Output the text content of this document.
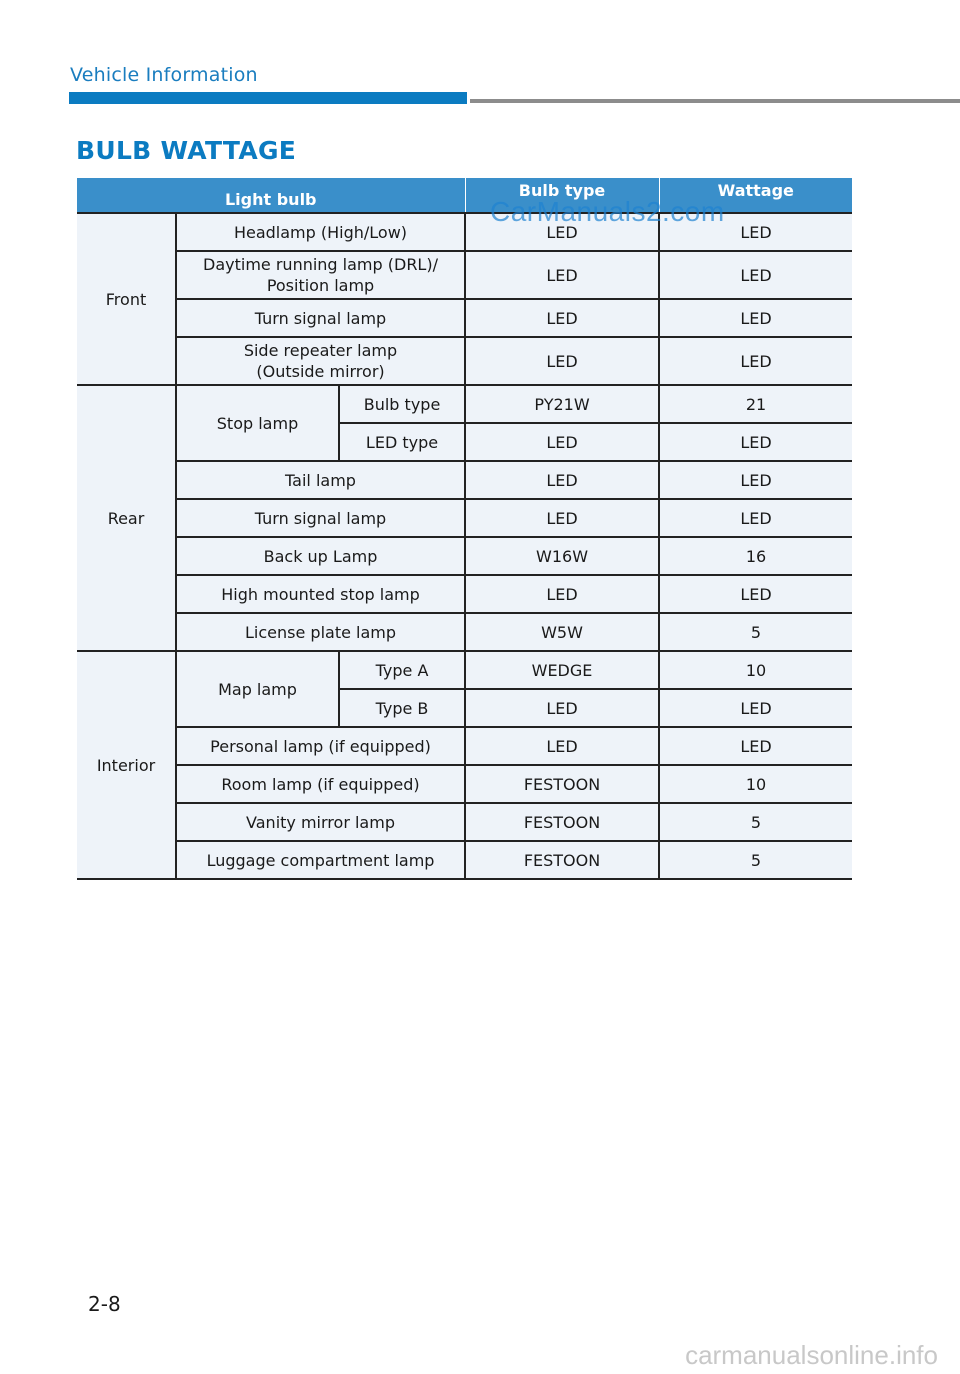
Vehicle Information
BULB WATTAGE
Light bulb			Bulb type	Wattage
Front	Headlamp (High/Low)		LED	LED

	Daytime running lamp (DRL)/
Position lamp		LED	LED
	Turn signal lamp		LED	LED

	Side repeater lamp
(Outside mirror)		LED	LED
Rear	Stop lamp	Bulb type	PY21W	21
		LED type	LED	LED
	Tail lamp		LED	LED
	Turn signal lamp		LED	LED
	Back up Lamp		W16W	16
	High mounted stop lamp		LED	LED
	License plate lamp		W5W	5
Interior	Map lamp	Type A	WEDGE	10
		Type B	LED	LED
	Personal lamp (if equipped)		LED	LED
	Room lamp (if equipped)		FESTOON	10
	Vanity mirror lamp		FESTOON	5
	Luggage compartment lamp		FESTOON	5
CarManuals2.com
2-8
carmanualsonline.info
